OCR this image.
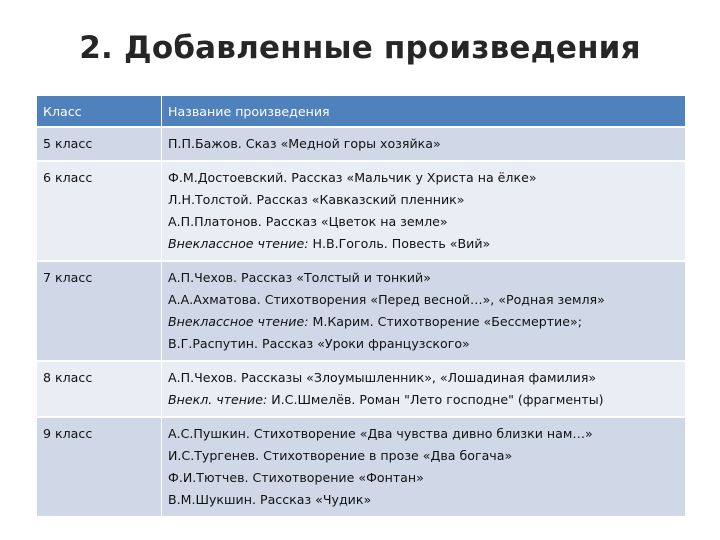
2. Добавленные произведения
Класс	Название произведения
5 класс	П.П.Бажов. Сказ «Медной горы хозяйка»

6 класс	Ф.М.Достоевский. Рассказ «Мальчик у Христа на ёлке»
Л.Н.Толстой. Рассказ «Кавказский пленник»
А.П.Платонов. Рассказ «Цветок на земле»
Внеклассное чтение: Н.В.Гоголь. Повесть «Вий»

7 класс	А.П.Чехов. Рассказ «Толстый и тонкий»
А.А.Ахматова. Стихотворения «Перед весной…», «Родная земля»
Внеклассное чтение: М.Карим. Стихотворение «Бессмертие»;
В.Г.Распутин. Рассказ «Уроки французского»

8 класс	А.П.Чехов. Рассказы «Злоумышленник», «Лошадиная фамилия»
Внекл. чтение: И.С.Шмелёв. Роман "Лето господне" (фрагменты)

9 класс	А.С.Пушкин. Стихотворение «Два чувства дивно близки нам…»
И.С.Тургенев. Стихотворение в прозе «Два богача»
Ф.И.Тютчев. Стихотворение «Фонтан»
В.М.Шукшин. Рассказ «Чудик»
